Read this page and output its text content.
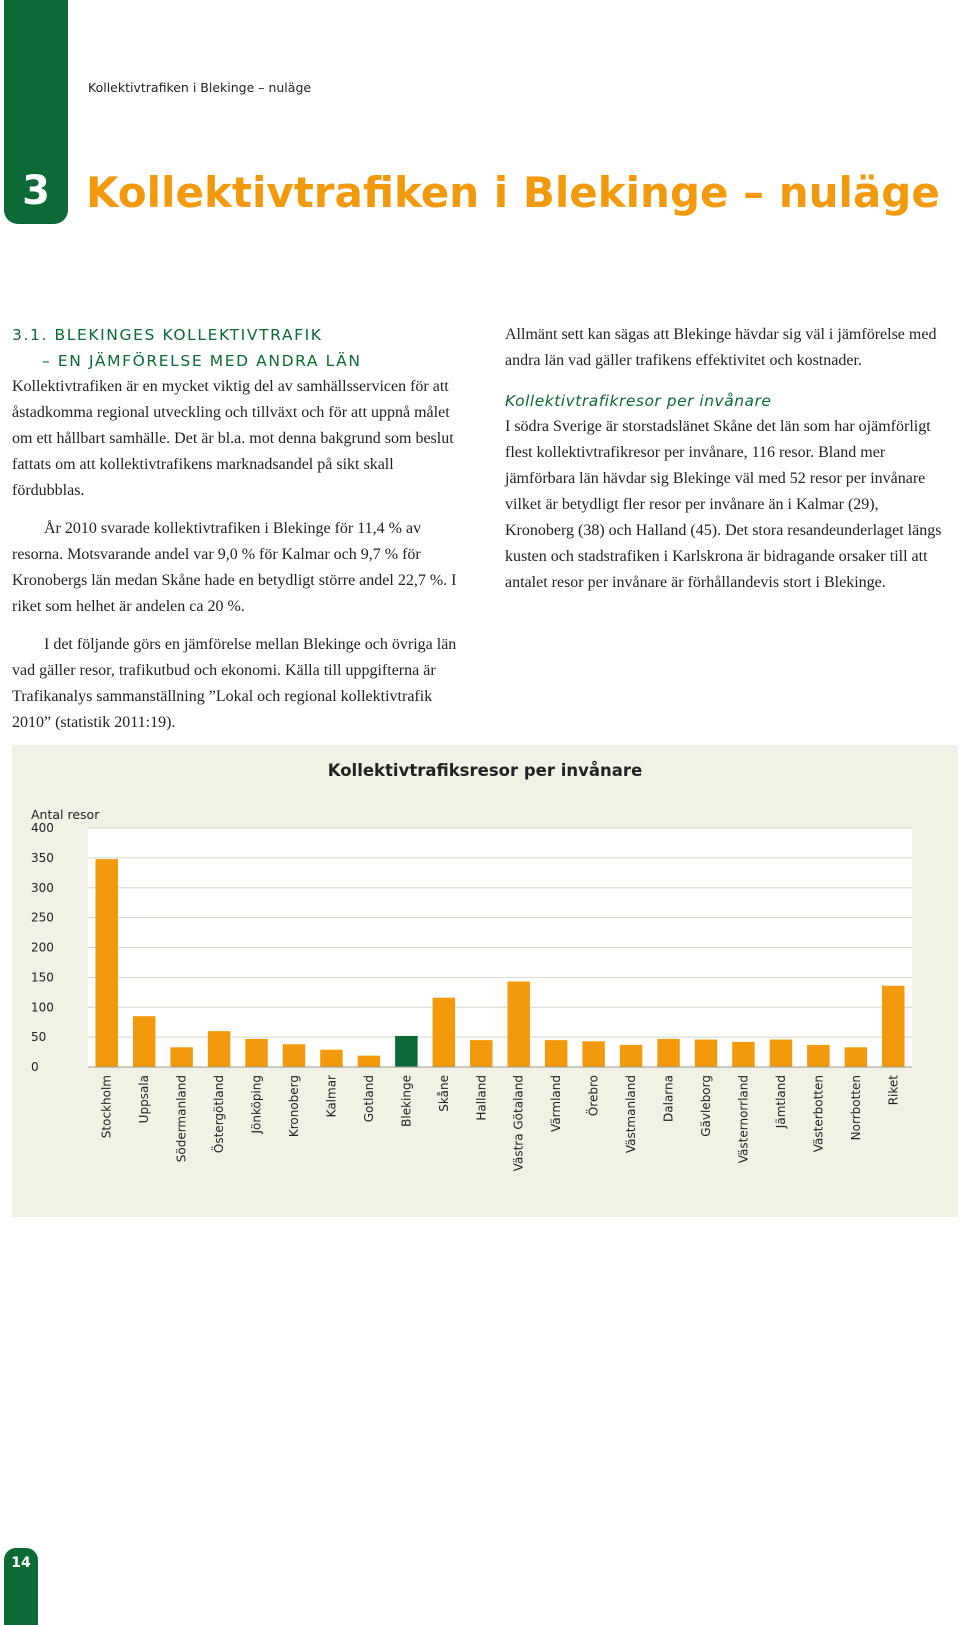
3
Kollektivtrafiken i Blekinge – nuläge
Kollektivtrafiken i Blekinge – nuläge
3.1. BLEKINGES KOLLEKTIVTRAFIK
– EN JÄMFÖRELSE MED ANDRA LÄN

Kollektivtrafiken är en mycket viktig del av samhällsservicen för att åstadkomma regional utveckling och tillväxt och för att uppnå målet om ett hållbart samhälle. Det är bl.a. mot denna bakgrund som beslut fattats om att kollektivtrafikens marknadsandel på sikt skall fördubblas.

År 2010 svarade kollektivtrafiken i Blekinge för 11,4 % av resorna. Motsvarande andel var 9,0 % för Kalmar och 9,7 % för Kronobergs län medan Skåne hade en betydligt större andel 22,7 %. I riket som helhet är andelen ca 20 %.

I det följande görs en jämförelse mellan Blekinge och övriga län vad gäller resor, trafikutbud och ekonomi. Källa till uppgifterna är Trafikanalys sammanställning ”Lokal och regional kollektivtrafik 2010” (statistik 2011:19).

Allmänt sett kan sägas att Blekinge hävdar sig väl i jämförelse med andra län vad gäller trafikens effektivitet och kostnader.

Kollektivtrafikresor per invånare

I södra Sverige är storstadslänet Skåne det län som har ojämförligt flest kollektivtrafikresor per invånare, 116 resor. Bland mer jämförbara län hävdar sig Blekinge väl med 52 resor per invånare vilket är betydligt fler resor per invånare än i Kalmar (29), Kronoberg (38) och Halland (45). Det stora resandeunderlaget längs kusten och stadstrafiken i Karlskrona är bidragande orsaker till att antalet resor per invånare är förhållandevis stort i Blekinge.

Kollektivtrafiksresor per invånare
Antal resor
0
50
100
150
200
250
300
350
400
Stockholm Uppsala Södermanland Östergötland Jönköping Kronoberg Kalmar Gotland Blekinge Skåne Halland Västra Götaland Värmland Örebro Västmanland Dalarna Gävleborg Västernorrland Jämtland Västerbotten Norrbotten Riket
14
